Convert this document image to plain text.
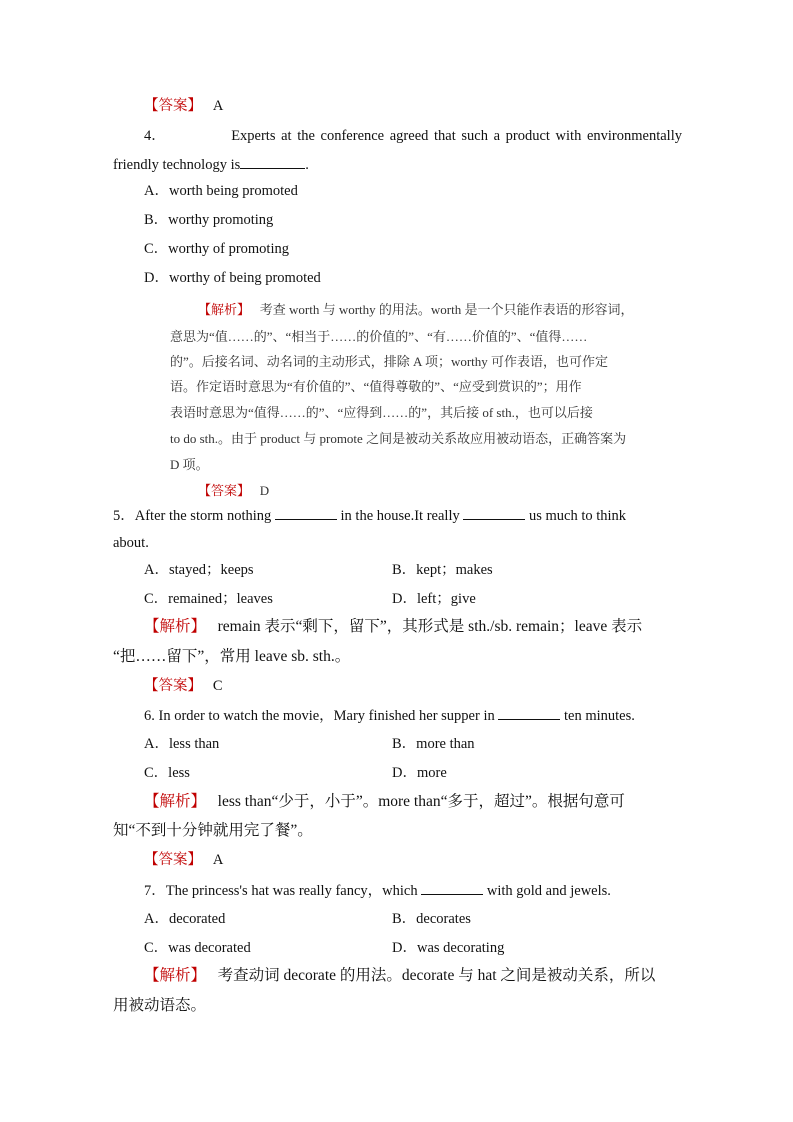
【答案】 A
4．	Experts at the conference agreed that such a product with environmentally
friendly technology is	.
A．worth being promoted
B．worthy promoting
C．worthy of promoting
D．worthy of being promoted
【解析】 考查 worth 与 worthy 的用法。worth 是一个只能作表语的形容词，
意思为“值……的”、“相当于……的价值的”、“有……价值的”、“值得……
的”。后接名词、动名词的主动形式，排除 A 项；worthy 可作表语，也可作定
语。作定语时意思为“有价值的”、“值得尊敬的”、“应受到赏识的”；用作
表语时意思为“值得……的”、“应得到……的”，其后接 of sth.，也可以后接
to do sth.。由于 product 与 promote 之间是被动关系故应用被动语态，正确答案为
D 项。
【答案】 D
5．After the storm nothing	in the house.It really	us much to think
about.
A．stayed；keeps	B．kept；makes
C．remained；leaves	D．left；give
【解析】 remain 表示“剩下，留下”，其形式是 sth./sb. remain；leave 表示
“把……留下”，常用 leave sb. sth.。
【答案】 C
6. In order to watch the movie，Mary finished her supper in	ten minutes.
A．less than	B．more than
C．less	D．more
【解析】 less than“少于，小于”。more than“多于，超过”。根据句意可
知“不到十分钟就用完了餐”。
【答案】 A
7．The princess's hat was really fancy，which	with gold and jewels.
A．decorated	B．decorates
C．was decorated	D．was decorating
【解析】 考查动词 decorate 的用法。decorate 与 hat 之间是被动关系，所以
用被动语态。
